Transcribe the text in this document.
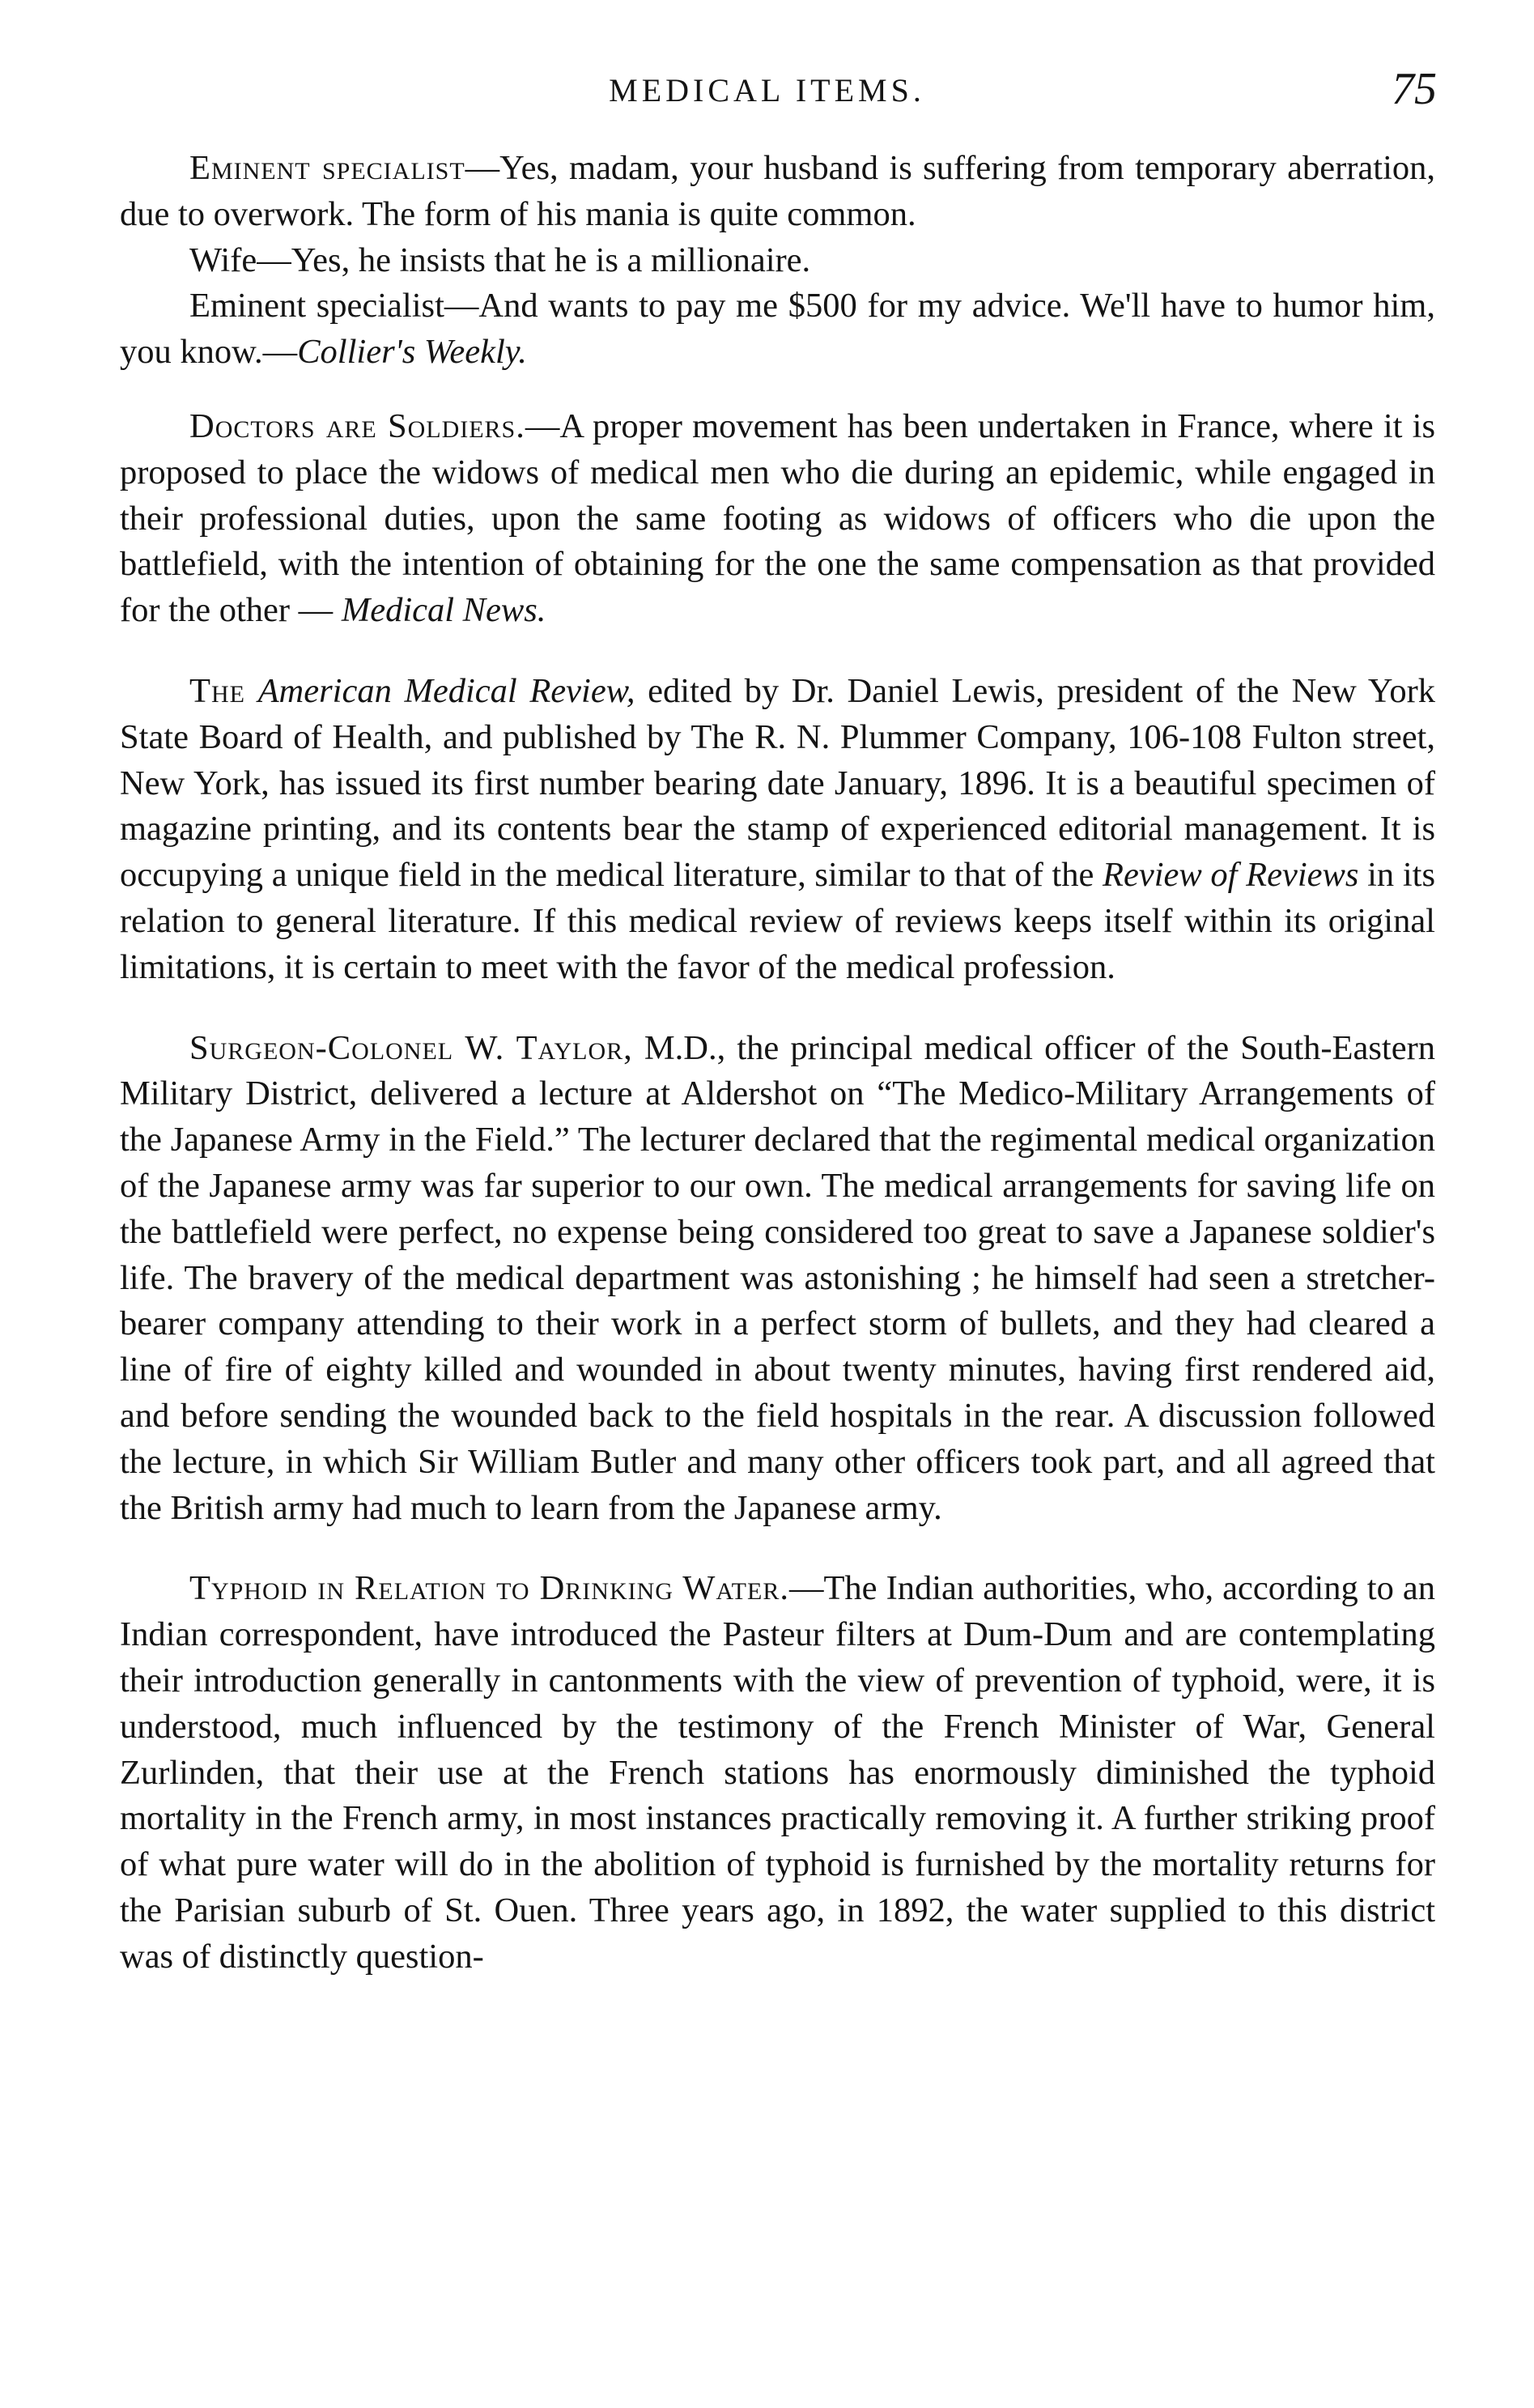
MEDICAL ITEMS.	75

Eminent specialist—Yes, madam, your husband is suffering from temporary aberration, due to overwork. The form of his mania is quite common.

Wife—Yes, he insists that he is a millionaire.

Eminent specialist—And wants to pay me $500 for my advice. We'll have to humor him, you know.—Collier's Weekly.

Doctors are Soldiers.—A proper movement has been undertaken in France, where it is proposed to place the widows of medical men who die during an epidemic, while engaged in their professional duties, upon the same footing as widows of officers who die upon the battlefield, with the intention of obtaining for the one the same compensation as that provided for the other — Medical News.

The American Medical Review, edited by Dr. Daniel Lewis, president of the New York State Board of Health, and published by The R. N. Plummer Company, 106-108 Fulton street, New York, has issued its first number bearing date January, 1896. It is a beautiful specimen of magazine printing, and its contents bear the stamp of experienced editorial management. It is occupying a unique field in the medical literature, similar to that of the Review of Reviews in its relation to general literature. If this medical review of reviews keeps itself within its original limitations, it is certain to meet with the favor of the medical profession.

Surgeon-Colonel W. Taylor, M.D., the principal medical officer of the South-Eastern Military District, delivered a lecture at Aldershot on “The Medico-Military Arrangements of the Japanese Army in the Field.” The lecturer declared that the regimental medical organization of the Japanese army was far superior to our own. The medical arrangements for saving life on the battlefield were perfect, no expense being considered too great to save a Japanese soldier's life. The bravery of the medical department was astonishing ; he himself had seen a stretcher-bearer company attending to their work in a perfect storm of bullets, and they had cleared a line of fire of eighty killed and wounded in about twenty minutes, having first rendered aid, and before sending the wounded back to the field hospitals in the rear. A discussion followed the lecture, in which Sir William Butler and many other officers took part, and all agreed that the British army had much to learn from the Japanese army.

Typhoid in Relation to Drinking Water.—The Indian authorities, who, according to an Indian correspondent, have introduced the Pasteur filters at Dum-Dum and are contemplating their introduction generally in cantonments with the view of prevention of typhoid, were, it is understood, much influenced by the testimony of the French Minister of War, General Zurlinden, that their use at the French stations has enormously diminished the typhoid mortality in the French army, in most instances practically removing it. A further striking proof of what pure water will do in the abolition of typhoid is furnished by the mortality returns for the Parisian suburb of St. Ouen. Three years ago, in 1892, the water supplied to this district was of distinctly question-
